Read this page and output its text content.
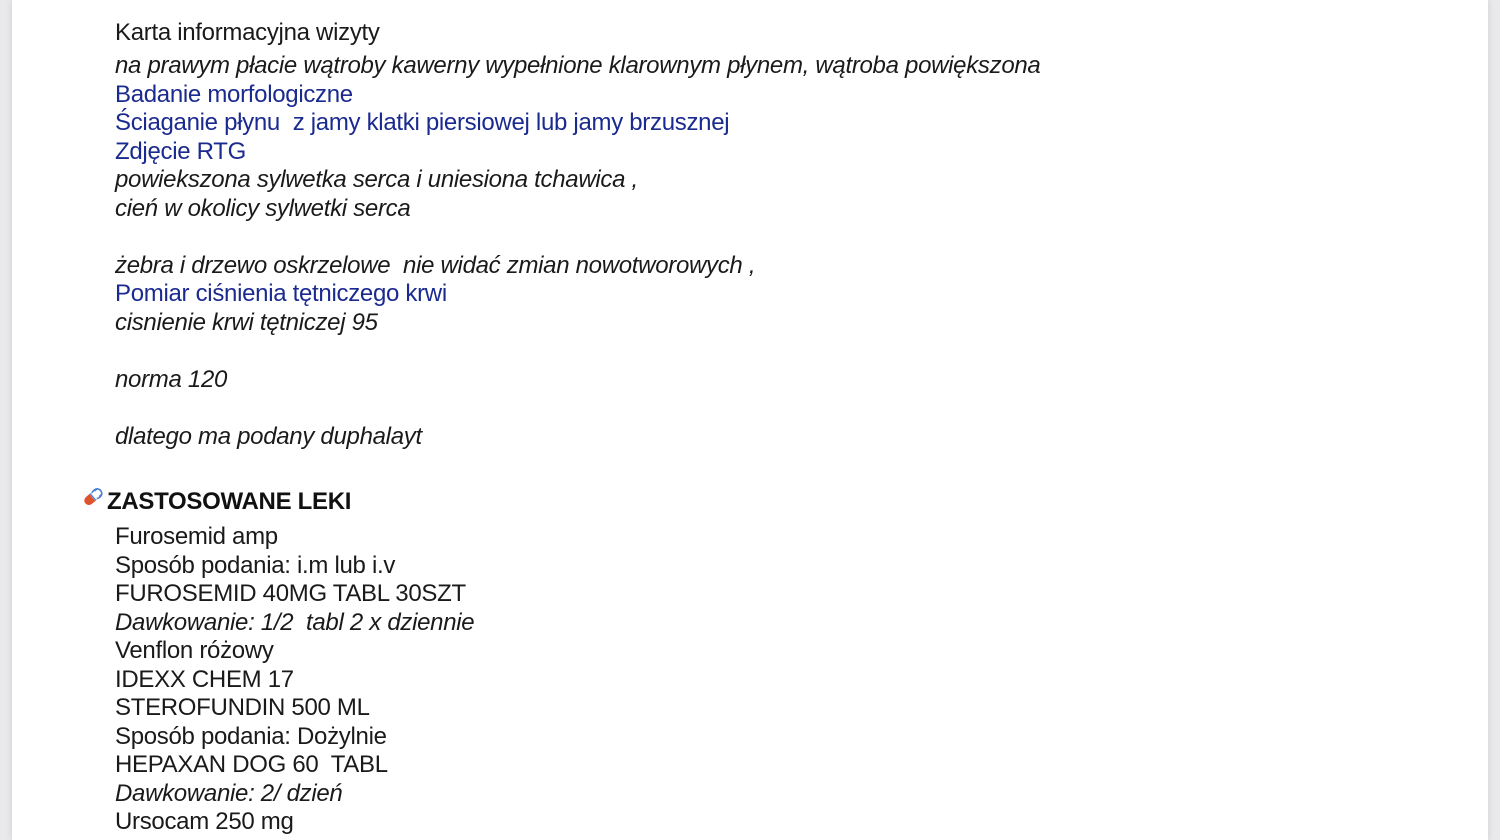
Karta informacyjna wizyty
na prawym płacie wątroby kawerny wypełnione klarownym płynem, wątroba powiększona
Badanie morfologiczne
Ściaganie płynu  z jamy klatki piersiowej lub jamy brzusznej
Zdjęcie RTG
powiekszona sylwetka serca i uniesiona tchawica ,
cień w okolicy sylwetki serca
żebra i drzewo oskrzelowe  nie widać zmian nowotworowych ,
Pomiar ciśnienia tętniczego krwi
cisnienie krwi tętniczej 95
norma 120
dlatego ma podany duphalayt
ZASTOSOWANE LEKI
Furosemid amp
Sposób podania: i.m lub i.v
FUROSEMID 40MG TABL 30SZT
Dawkowanie: 1/2  tabl 2 x dziennie
Venflon różowy
IDEXX CHEM 17
STEROFUNDIN 500 ML
Sposób podania: Dożylnie
HEPAXAN DOG 60  TABL
Dawkowanie: 2/ dzień
Ursocam 250 mg
